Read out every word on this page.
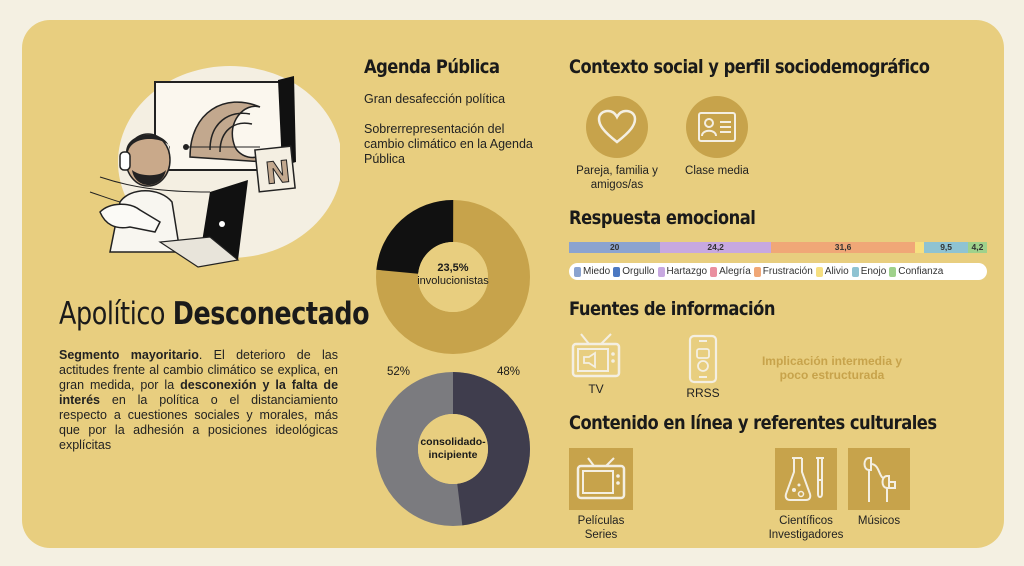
N
Apolítico Desconectado
Segmento mayoritario. El deterioro de las actitudes frente al cambio climático se explica, en gran medida, por la desconexión y la falta de interés en la política o el distanciamiento respecto a cuestiones sociales y morales, más que por la adhesión a posiciones ideológicas explícitas
Agenda Pública
Gran desafección política
Sobrerrepresentación del cambio climático en la Agenda Pública
23,5%
involucionistas
52%	48%
consolidado-
incipiente
Contexto social y perfil sociodemográfico
Pareja, familia y amigos/as
Clase media
Respuesta emocional
20	24,2	31,6	9,5	4,2
Miedo Orgullo Hartazgo Alegría Frustración Alivio Enojo Confianza
Fuentes de información
TV	RRSS
Implicación intermedia y poco estructurada
Contenido en línea y referentes culturales
Películas Series
Científicos Investigadores
Músicos
